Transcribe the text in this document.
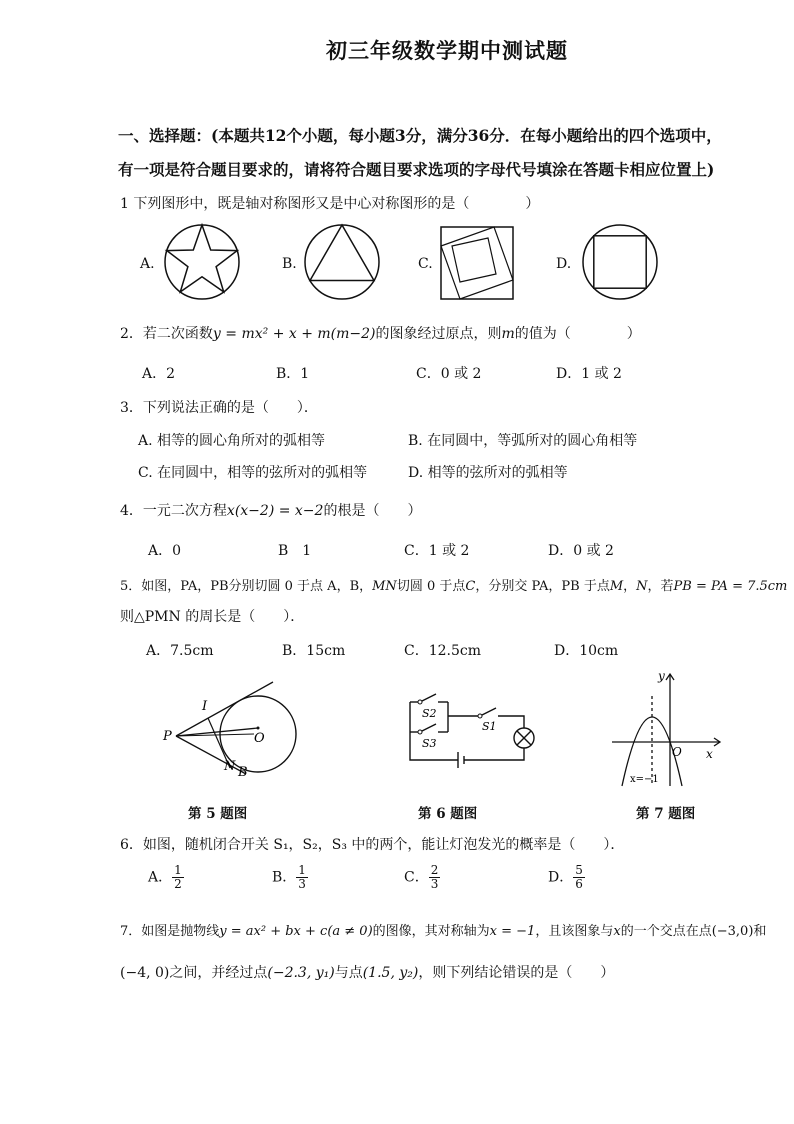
初三年级数学期中测试题
一、选择题：(本题共12个小题，每小题3分，满分36分．在每小题给出的四个选项中，
有一项是符合题目要求的，请将符合题目要求选项的字母代号填涂在答题卡相应位置上)
1 下列图形中，既是轴对称图形又是中心对称图形的是（　　　　）
A.	B.	C.	D.
2．若二次函数y = mx² + x + m(m−2)的图象经过原点，则m的值为（　　　　）
A．2	B．1	C．0 或 2	D．1 或 2
3．下列说法正确的是（　　）．
A. 相等的圆心角所对的弧相等	B. 在同圆中，等弧所对的圆心角相等
C. 在同圆中，相等的弦所对的弧相等	D. 相等的弦所对的弧相等
4．一元二次方程x(x−2) = x−2的根是（　　）
A．0	B　1	C．1 或 2	D．0 或 2
5．如图，PA，PB分别切圆 0 于点 A，B，MN切圆 0 于点C，分别交 PA，PB 于点M，N，若PB = PA = 7.5cm
则△PMN 的周长是（　　）．
A．7.5cm	B．15cm	C．12.5cm	D．10cm
P
I
O
N B
第 5 题图
S2
S3
S1
第 6 题图
y
x
O
x=−1
第 7 题图
6．如图，随机闭合开关 S₁，S₂，S₃ 中的两个，能让灯泡发光的概率是（　　）．
A． $\frac{1}{2}$	B． $\frac{1}{3}$	C． $\frac{2}{3}$	D． $\frac{5}{6}$
7．如图是抛物线y = ax² + bx + c(a ≠ 0)的图像，其对称轴为x = −1，且该图象与x的一个交点在点(−3,0)和
(−4, 0)之间，并经过点(−2.3, y₁)与点(1.5, y₂)，则下列结论错误的是（　　）
